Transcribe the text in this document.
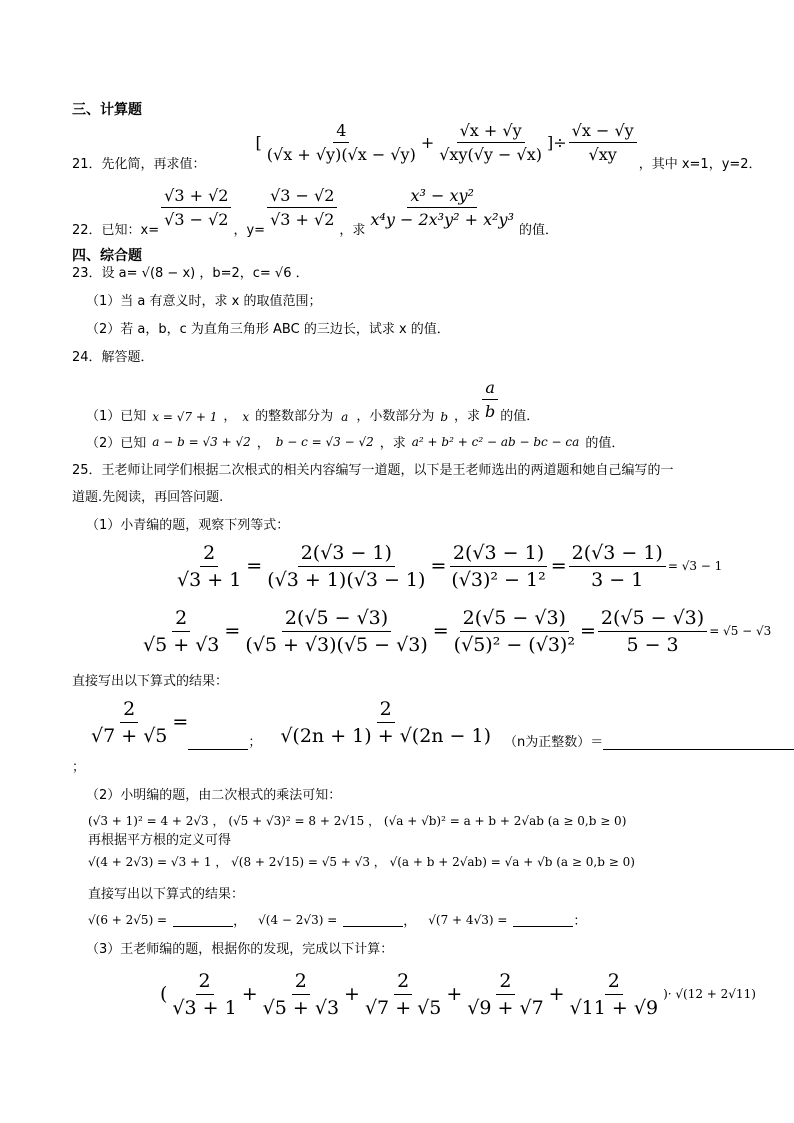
三、计算题
21．先化简，再求值：
[ $\frac{4}{(√x + √y)(√x - √y)} + \frac{√x + √y}{√xy(√y - √x)}$ ] ÷ $\frac{√x - √y}{√xy}$
，其中 x=1，y=2．
22．已知：x=
$\frac{√3 + √2}{√3 - √2}$
，y=
$\frac{√3 - √2}{√3 + √2}$
，求
$\frac{\text{x³ − xy²}}{\text{x⁴y − 2x³y² + x²y³}}$
的值．
四、综合题
23．设 a= √(8 − x) ，b=2，c= √6 ．
（1）当 a 有意义时，求 x 的取值范围；
（2）若 a，b，c 为直角三角形 ABC 的三边长，试求 x 的值．
24．解答题．
（1）已知 x = √7 + 1 ， x 的整数部分为 a ，小数部分为 b ，求 $\frac{a}{b}$ 的值．
（2）已知 a − b = √3 + √2 ， b − c = √3 − √2 ，求 a² + b² + c² − ab − bc − ca 的值．
25．王老师让同学们根据二次根式的相关内容编写一道题，以下是王老师选出的两道题和她自己编写的一
道题.先阅读，再回答问题.
（1）小青编的题，观察下列等式：
$\frac{2}{√3 + 1} = \frac{2(√3 - 1)}{(√3 + 1)(√3 - 1)} = \frac{2(√3 - 1)}{\text{(√3)² − 1²}} = \frac{2(√3 - 1)}{3 - 1} = √3 - 1$
$\frac{2}{√5 + √3} = \frac{2(√5 - √3)}{(√5 + √3)(√5 - √3)} = \frac{2(√5 - √3)}{\text{(√5)² − (√3)²}} = \frac{2(√5 - √3)}{5 - 3} = √5 - √3$
直接写出以下算式的结果：
$\frac{2}{√7 + √5}$ =
； $\frac{2}{√(2n + 1) + √(2n - 1)} (n$为正整数）＝
；
（2）小明编的题，由二次根式的乘法可知：
(√3 + 1)² = 4 + 2√3 ， (√5 + √3)² = 8 + 2√15 ， (√a + √b)² = a + b + 2√ab (a ≥ 0,b ≥ 0)
再根据平方根的定义可得
√(4 + 2√3) = √3 + 1 ， √(8 + 2√15) = √5 + √3 ， √(a + b + 2√ab) = √a + √b (a ≥ 0,b ≥ 0)
直接写出以下算式的结果：
√(6 + 2√5) =	， √(4 − 2√3) =	， √(7 + 4√3) =	：
（3）王老师编的题，根据你的发现，完成以下计算：
( $\frac{2}{√3 + 1} + \frac{2}{√5 + √3} + \frac{2}{√7 + √5} + \frac{2}{√9 + √7} + \frac{2}{√11 + √9}$ )· √(12 + 2√11)
